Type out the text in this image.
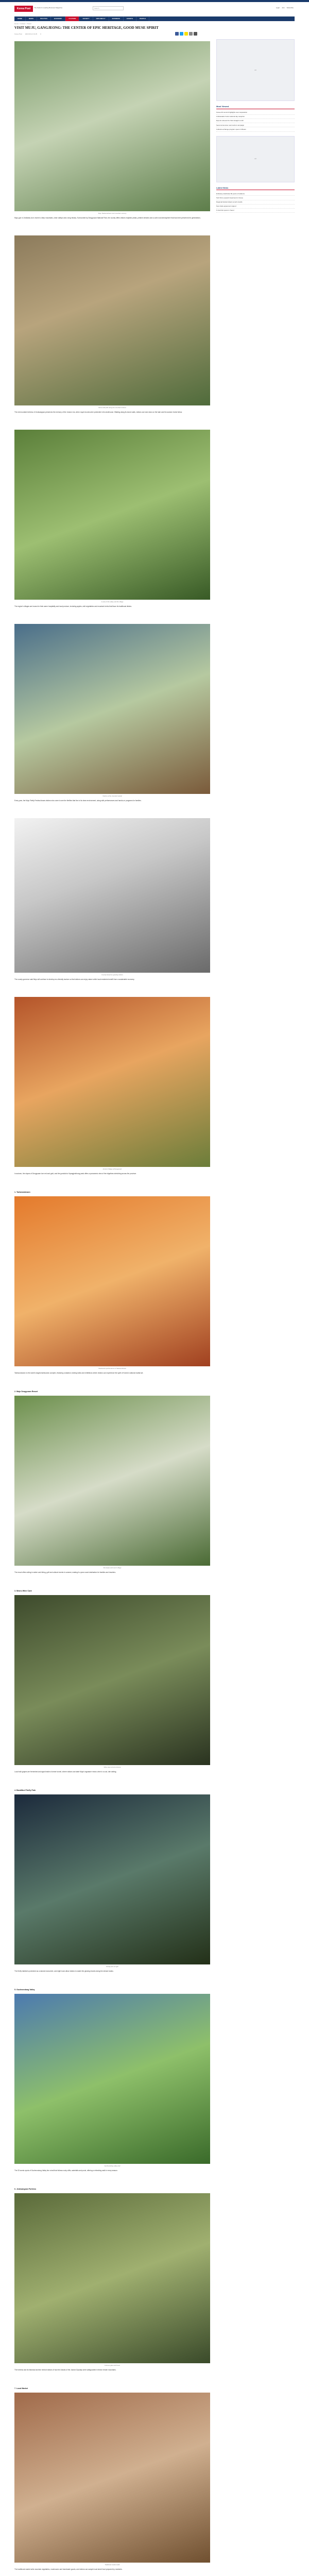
Korea Post	The Nation's Leading Business Magazine	Search	Login Join Subscribe
HOME	NEWS	POLITICS	ECONOMY	CULTURE	SOCIETY	DIPLOMACY	BUSINESS	EVENTS	PEOPLE
Home > Culture > Travel
VISIT MUJU, GANGJEONG: THE CENTER OF EPIC HERITAGE, GOOD MUSE SPIRIT
Korea Post 2023.09.12 10:25 0
Muju Taekwondowon and mountain scenery
Muju-gun in Jeollabuk-do is home to deep mountains, clear valleys and a long history. Surrounded by Deogyusan National Park, the county offers visitors majestic peaks, pristine streams and a calm rural atmosphere that has been preserved for generations.
Stone wall path along the mountain fortress
The old mountain fortress of Jeoksangsan preserves the memory of the Joseon era, when royal records were protected in its storehouse. Walking along its stone walls, visitors can look down on the lake and the autumn forest below.
A view of the valley and the village
The region's villages are known for their warm hospitality and local produce, including apples, wild vegetables and mountain herbs that flavor its traditional dishes.
Visitors at the riverside festival
Every year, the Muju Firefly Festival draws visitors who come to see the fireflies that live in its clean environment, along with performances and hands-on programs for families.
County Governor greeting visitors
The county governor said Muju will continue to develop eco-friendly tourism so that visitors can enjoy nature while local residents benefit from a sustainable economy.
Autumn foliage at Deogyusan
In autumn, the slopes of Deogyusan turn red and gold, and the gondola to Hyangjeokbong peak offers a panoramic view of the ridgelines stretching across the province.
1. Taekwondowon
Taekwondo performance at Taekwondowon
Taekwondowon is the world's largest taekwondo complex, featuring a stadium, training halls and exhibitions where visitors can experience the spirit of Korea's national martial art.
2. Muju Deogyusan Resort
Ski slopes and resort village
The resort offers skiing in winter and hiking, golf and cultural events in summer, making it a year-round destination for families and travelers.
3. Meoru Wine Cave
Wine cave tunnel entrance
Local wild grapes are fermented and aged inside a former tunnel, where visitors can taste Muju's signature meoru wine in a cool, dim setting.
4. Banditbul Firefly Park
Firefly park at night
The firefly habitat is protected as a natural monument, and night tours allow visitors to watch the glowing insects along the stream banks.
5. Gucheondong Valley
Gucheondong valley trail
The 33 scenic spots of Gucheondong Valley line a trail that follows rocky cliffs, waterfalls and pools, offering a refreshing walk in every season.
6. Jeoksangsan Fortress
Fortress gate and forest
The fortress and its historical archive remind visitors of how the Annals of the Joseon Dynasty were safeguarded in these remote mountains.
7. Local Market
Traditional market stalls
The traditional market sells mountain vegetables, mushrooms and handmade goods, and visitors can sample local street food prepared by residents.
AD
Most Viewed
Korea-US summit highlights new cooperation
Ambassador hosts national day reception
Exports rebound for third straight month
Seoul announces new tourism campaign
Cultural exchange program opens in Busan
AD
Latest News
Embassy celebrates 60 years of relations
Tech firms expand investment in Korea
Regional festival draws record crowds
New trade agreement signed
K-food fair opens in Seoul
